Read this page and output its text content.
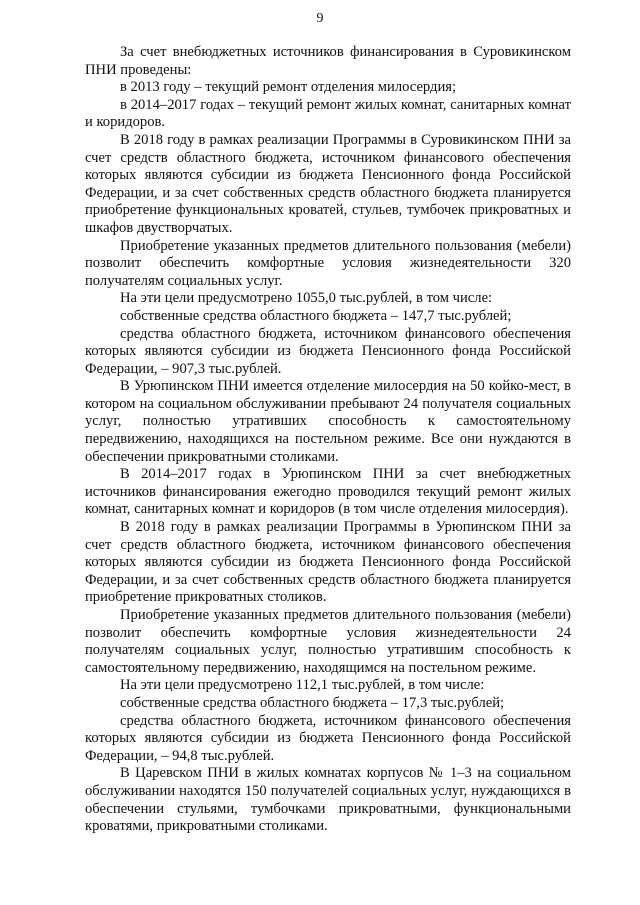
9

За счет внебюджетных источников финансирования в Суровикинском ПНИ проведены:

в 2013 году – текущий ремонт отделения милосердия;

в 2014–2017 годах – текущий ремонт жилых комнат, санитарных комнат и коридоров.

В 2018 году в рамках реализации Программы в Суровикинском ПНИ за счет средств областного бюджета, источником финансового обеспечения которых являются субсидии из бюджета Пенсионного фонда Российской Федерации, и за счет собственных средств областного бюджета планируется приобретение функциональных кроватей, стульев, тумбочек прикроватных и шкафов двустворчатых.

Приобретение указанных предметов длительного пользования (мебели) позволит обеспечить комфортные условия жизнедеятельности 320 получателям социальных услуг.

На эти цели предусмотрено 1055,0 тыс.рублей, в том числе:

собственные средства областного бюджета – 147,7 тыс.рублей;

средства областного бюджета, источником финансового обеспечения которых являются субсидии из бюджета Пенсионного фонда Российской Федерации, – 907,3 тыс.рублей.

В Урюпинском ПНИ имеется отделение милосердия на 50 койко-мест, в котором на социальном обслуживании пребывают 24 получателя социальных услуг, полностью утративших способность к самостоятельному передвижению, находящихся на постельном режиме. Все они нуждаются в обеспечении прикроватными столиками.

В 2014–2017 годах в Урюпинском ПНИ за счет внебюджетных источников финансирования ежегодно проводился текущий ремонт жилых комнат, санитарных комнат и коридоров (в том числе отделения милосердия).

В 2018 году в рамках реализации Программы в Урюпинском ПНИ за счет средств областного бюджета, источником финансового обеспечения которых являются субсидии из бюджета Пенсионного фонда Российской Федерации, и за счет собственных средств областного бюджета планируется приобретение прикроватных столиков.

Приобретение указанных предметов длительного пользования (мебели) позволит обеспечить комфортные условия жизнедеятельности 24 получателям социальных услуг, полностью утратившим способность к самостоятельному передвижению, находящимся на постельном режиме.

На эти цели предусмотрено 112,1 тыс.рублей, в том числе:

собственные средства областного бюджета – 17,3 тыс.рублей;

средства областного бюджета, источником финансового обеспечения которых являются субсидии из бюджета Пенсионного фонда Российской Федерации, – 94,8 тыс.рублей.

В Царевском ПНИ в жилых комнатах корпусов № 1–3 на социальном обслуживании находятся 150 получателей социальных услуг, нуждающихся в обеспечении стульями, тумбочками прикроватными, функциональными кроватями, прикроватными столиками.
